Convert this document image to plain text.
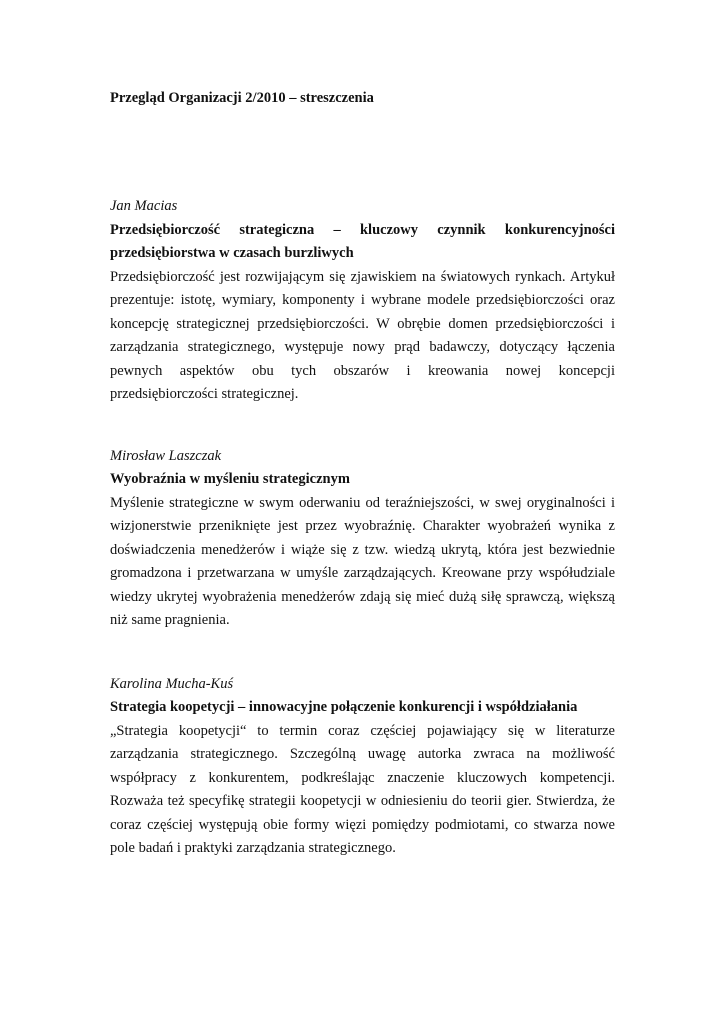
Przegląd Organizacji 2/2010 – streszczenia

Jan Macias

Przedsiębiorczość strategiczna – kluczowy czynnik konkurencyjności przedsiębiorstwa w czasach burzliwych

Przedsiębiorczość jest rozwijającym się zjawiskiem na światowych rynkach. Artykuł prezentuje: istotę, wymiary, komponenty i wybrane modele przedsiębiorczości oraz koncepcję strategicznej przedsiębiorczości. W obrębie domen przedsiębiorczości i zarządzania strategicznego, występuje nowy prąd badawczy, dotyczący łączenia pewnych aspektów obu tych obszarów i kreowania nowej koncepcji przedsiębiorczości strategicznej.

Mirosław Laszczak

Wyobraźnia w myśleniu strategicznym

Myślenie strategiczne w swym oderwaniu od teraźniejszości, w swej oryginalności i wizjonerstwie przeniknięte jest przez wyobraźnię. Charakter wyobrażeń wynika z doświadczenia menedżerów i wiąże się z tzw. wiedzą ukrytą, która jest bezwiednie gromadzona i przetwarzana w umyśle zarządzających. Kreowane przy współudziale wiedzy ukrytej wyobrażenia menedżerów zdają się mieć dużą siłę sprawczą, większą niż same pragnienia.

Karolina Mucha-Kuś

Strategia koopetycji – innowacyjne połączenie konkurencji i współdziałania

„Strategia koopetycji“ to termin coraz częściej pojawiający się w literaturze zarządzania strategicznego. Szczególną uwagę autorka zwraca na możliwość współpracy z konkurentem, podkreślając znaczenie kluczowych kompetencji. Rozważa też specyfikę strategii koopetycji w odniesieniu do teorii gier. Stwierdza, że coraz częściej występują obie formy więzi pomiędzy podmiotami, co stwarza nowe pole badań i praktyki zarządzania strategicznego.
